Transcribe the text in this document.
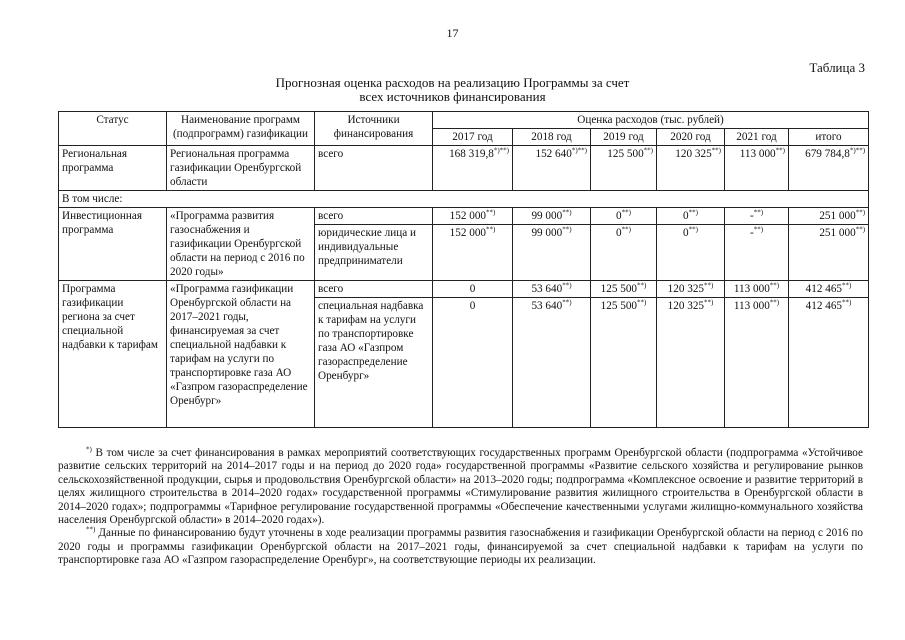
17
Таблица 3
Прогнозная оценка расходов на реализацию Программы за счет
всех источников финансирования
Статус	Наименование программ (подпрограмм) газификации	Источники финансирования	Оценка расходов (тыс. рублей)					
			2017 год	2018 год	2019 год	2020 год	2021 год	итого
Региональная программа	Региональная программа газификации Оренбургской области	всего	168 319,8*)**)	152 640*)**)	125 500**)	120 325**)	113 000**)	679 784,8*)**)
В том числе:								
Инвестиционная программа	«Программа развития газоснабжения и газификации Оренбургской области на период с 2016 по 2020 годы»	всего	152 000**)	99 000**)	0**)	0**)	-**)	251 000**)
		юридические лица и индивидуальные предприниматели	152 000**)	99 000**)	0**)	0**)	-**)	251 000**)
Программа газификации региона за счет специальной надбавки к тарифам	«Программа газификации Оренбургской области на 2017–2021 годы, финансируемая за счет специальной надбавки к тарифам на услуги по транспортировке газа АО «Газпром газораспределение Оренбург»	всего	0	53 640**)	125 500**)	120 325**)	113 000**)	412 465**)
		специальная надбавка к тарифам на услуги по транспортировке газа АО «Газпром газораспределение Оренбург»	0	53 640**)	125 500**)	120 325**)	113 000**)	412 465**)

*) В том числе за счет финансирования в рамках мероприятий соответствующих государственных программ Оренбургской области (подпрограмма «Устойчивое развитие сельских территорий на 2014–2017 годы и на период до 2020 года» государственной программы «Развитие сельского хозяйства и регулирование рынков сельскохозяйственной продукции, сырья и продовольствия Оренбургской области» на 2013–2020 годы; подпрограмма «Комплексное освоение и развитие территорий в целях жилищного строительства в 2014–2020 годах» государственной программы «Стимулирование развития жилищного строительства в Оренбургской области в 2014–2020 годах»; подпрограммы «Тарифное регулирование государственной программы «Обеспечение качественными услугами жилищно-коммунального хозяйства населения Оренбургской области» в 2014–2020 годах»).

**) Данные по финансированию будут уточнены в ходе реализации программы развития газоснабжения и газификации Оренбургской области на период с 2016 по 2020 годы и программы газификации Оренбургской области на 2017–2021 годы, финансируемой за счет специальной надбавки к тарифам на услуги по транспортировке газа АО «Газпром газораспределение Оренбург», на соответствующие периоды их реализации.
